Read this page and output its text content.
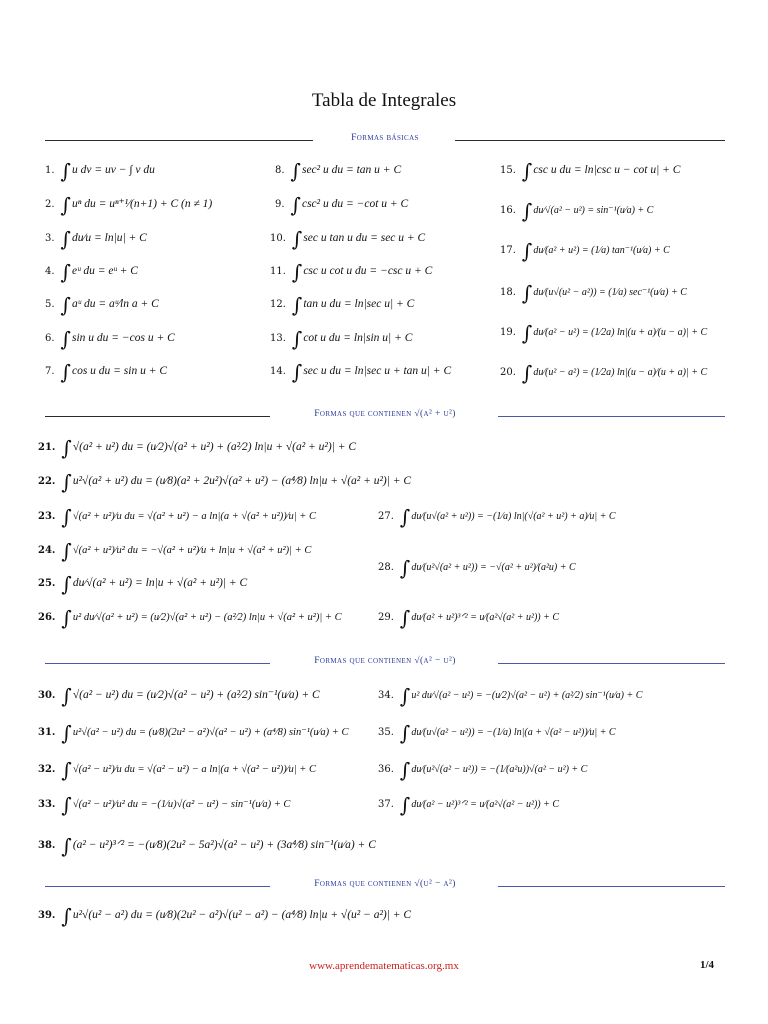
Tabla de Integrales
Formas básicas
1. ∫u dv = uv − ∫ v du
2. ∫uⁿ du = uⁿ⁺¹⁄(n+1) + C (n ≠ 1)
3. ∫du⁄u = ln|u| + C
4. ∫eᵘ du = eᵘ + C
5. ∫aᵘ du = aᵘ⁄ln a + C
6. ∫sin u du = −cos u + C
7. ∫cos u du = sin u + C
8. ∫sec² u du = tan u + C
9. ∫csc² u du = −cot u + C
10. ∫sec u tan u du = sec u + C
11. ∫csc u cot u du = −csc u + C
12. ∫tan u du = ln|sec u| + C
13. ∫cot u du = ln|sin u| + C
14. ∫sec u du = ln|sec u + tan u| + C
15. ∫csc u du = ln|csc u − cot u| + C
16. ∫du⁄√(a² − u²) = sin⁻¹(u⁄a) + C
17. ∫du⁄(a² + u²) = (1⁄a) tan⁻¹(u⁄a) + C
18. ∫du⁄(u√(u² − a²)) = (1⁄a) sec⁻¹(u⁄a) + C
19. ∫du⁄(a² − u²) = (1⁄2a) ln|(u + a)⁄(u − a)| + C
20. ∫du⁄(u² − a²) = (1⁄2a) ln|(u − a)⁄(u + a)| + C
Formas que contienen √(a² + u²)
21. ∫√(a² + u²) du = (u⁄2)√(a² + u²) + (a²⁄2) ln|u + √(a² + u²)| + C
22. ∫u²√(a² + u²) du = (u⁄8)(a² + 2u²)√(a² + u²) − (a⁴⁄8) ln|u + √(a² + u²)| + C
23. ∫√(a² + u²)⁄u du = √(a² + u²) − a ln|(a + √(a² + u²))⁄u| + C
24. ∫√(a² + u²)⁄u² du = −√(a² + u²)⁄u + ln|u + √(a² + u²)| + C
25. ∫du⁄√(a² + u²) = ln|u + √(a² + u²)| + C
26. ∫u² du⁄√(a² + u²) = (u⁄2)√(a² + u²) − (a²⁄2) ln|u + √(a² + u²)| + C
27. ∫du⁄(u√(a² + u²)) = −(1⁄a) ln|(√(a² + u²) + a)⁄u| + C
28. ∫du⁄(u²√(a² + u²)) = −√(a² + u²)⁄(a²u) + C
29. ∫du⁄(a² + u²)³ᐟ² = u⁄(a²√(a² + u²)) + C
Formas que contienen √(a² − u²)
30. ∫√(a² − u²) du = (u⁄2)√(a² − u²) + (a²⁄2) sin⁻¹(u⁄a) + C
31. ∫u²√(a² − u²) du = (u⁄8)(2u² − a²)√(a² − u²) + (a⁴⁄8) sin⁻¹(u⁄a) + C
32. ∫√(a² − u²)⁄u du = √(a² − u²) − a ln|(a + √(a² − u²))⁄u| + C
33. ∫√(a² − u²)⁄u² du = −(1⁄u)√(a² − u²) − sin⁻¹(u⁄a) + C
38. ∫(a² − u²)³ᐟ² = −(u⁄8)(2u² − 5a²)√(a² − u²) + (3a⁴⁄8) sin⁻¹(u⁄a) + C
34. ∫u² du⁄√(a² − u²) = −(u⁄2)√(a² − u²) + (a²⁄2) sin⁻¹(u⁄a) + C
35. ∫du⁄(u√(a² − u²)) = −(1⁄a) ln|(a + √(a² − u²))⁄u| + C
36. ∫du⁄(u²√(a² − u²)) = −(1⁄(a²u))√(a² − u²) + C
37. ∫du⁄(a² − u²)³ᐟ² = u⁄(a²√(a² − u²)) + C
Formas que contienen √(u² − a²)
39. ∫u²√(u² − a²) du = (u⁄8)(2u² − a²)√(u² − a²) − (a⁴⁄8) ln|u + √(u² − a²)| + C
www.aprendematematicas.org.mx	1/4
